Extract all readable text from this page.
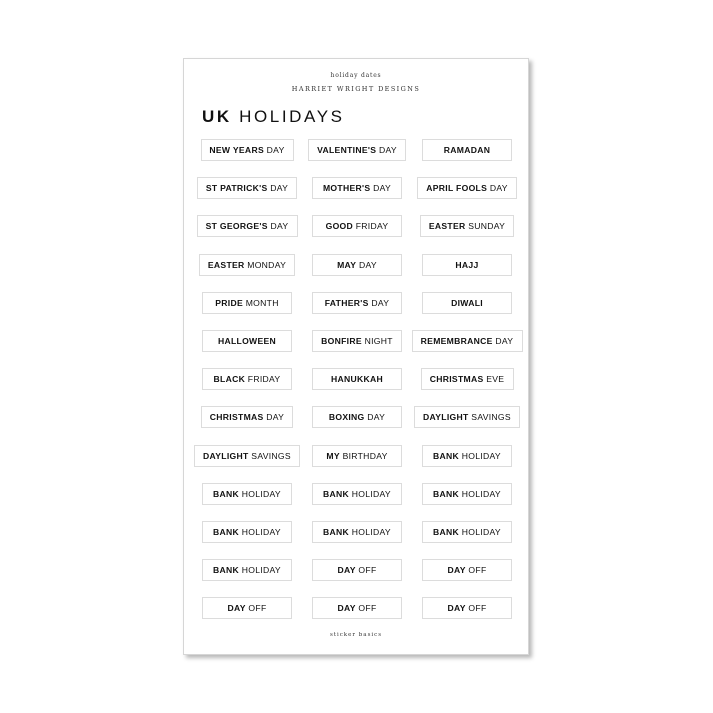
holiday dates
HARRIET WRIGHT DESIGNS
UK HOLIDAYS
NEW YEARS DAY	VALENTINE'S DAY	RAMADAN
ST PATRICK'S DAY	MOTHER'S DAY	APRIL FOOLS DAY
ST GEORGE'S DAY	GOOD FRIDAY	EASTER SUNDAY
EASTER MONDAY	MAY DAY	HAJJ
PRIDE MONTH	FATHER'S DAY	DIWALI
HALLOWEEN	BONFIRE NIGHT	REMEMBRANCE DAY
BLACK FRIDAY	HANUKKAH	CHRISTMAS EVE
CHRISTMAS DAY	BOXING DAY	DAYLIGHT SAVINGS
DAYLIGHT SAVINGS	MY BIRTHDAY	BANK HOLIDAY
BANK HOLIDAY	BANK HOLIDAY	BANK HOLIDAY
BANK HOLIDAY	BANK HOLIDAY	BANK HOLIDAY
BANK HOLIDAY	DAY OFF	DAY OFF
DAY OFF	DAY OFF	DAY OFF
sticker basics
